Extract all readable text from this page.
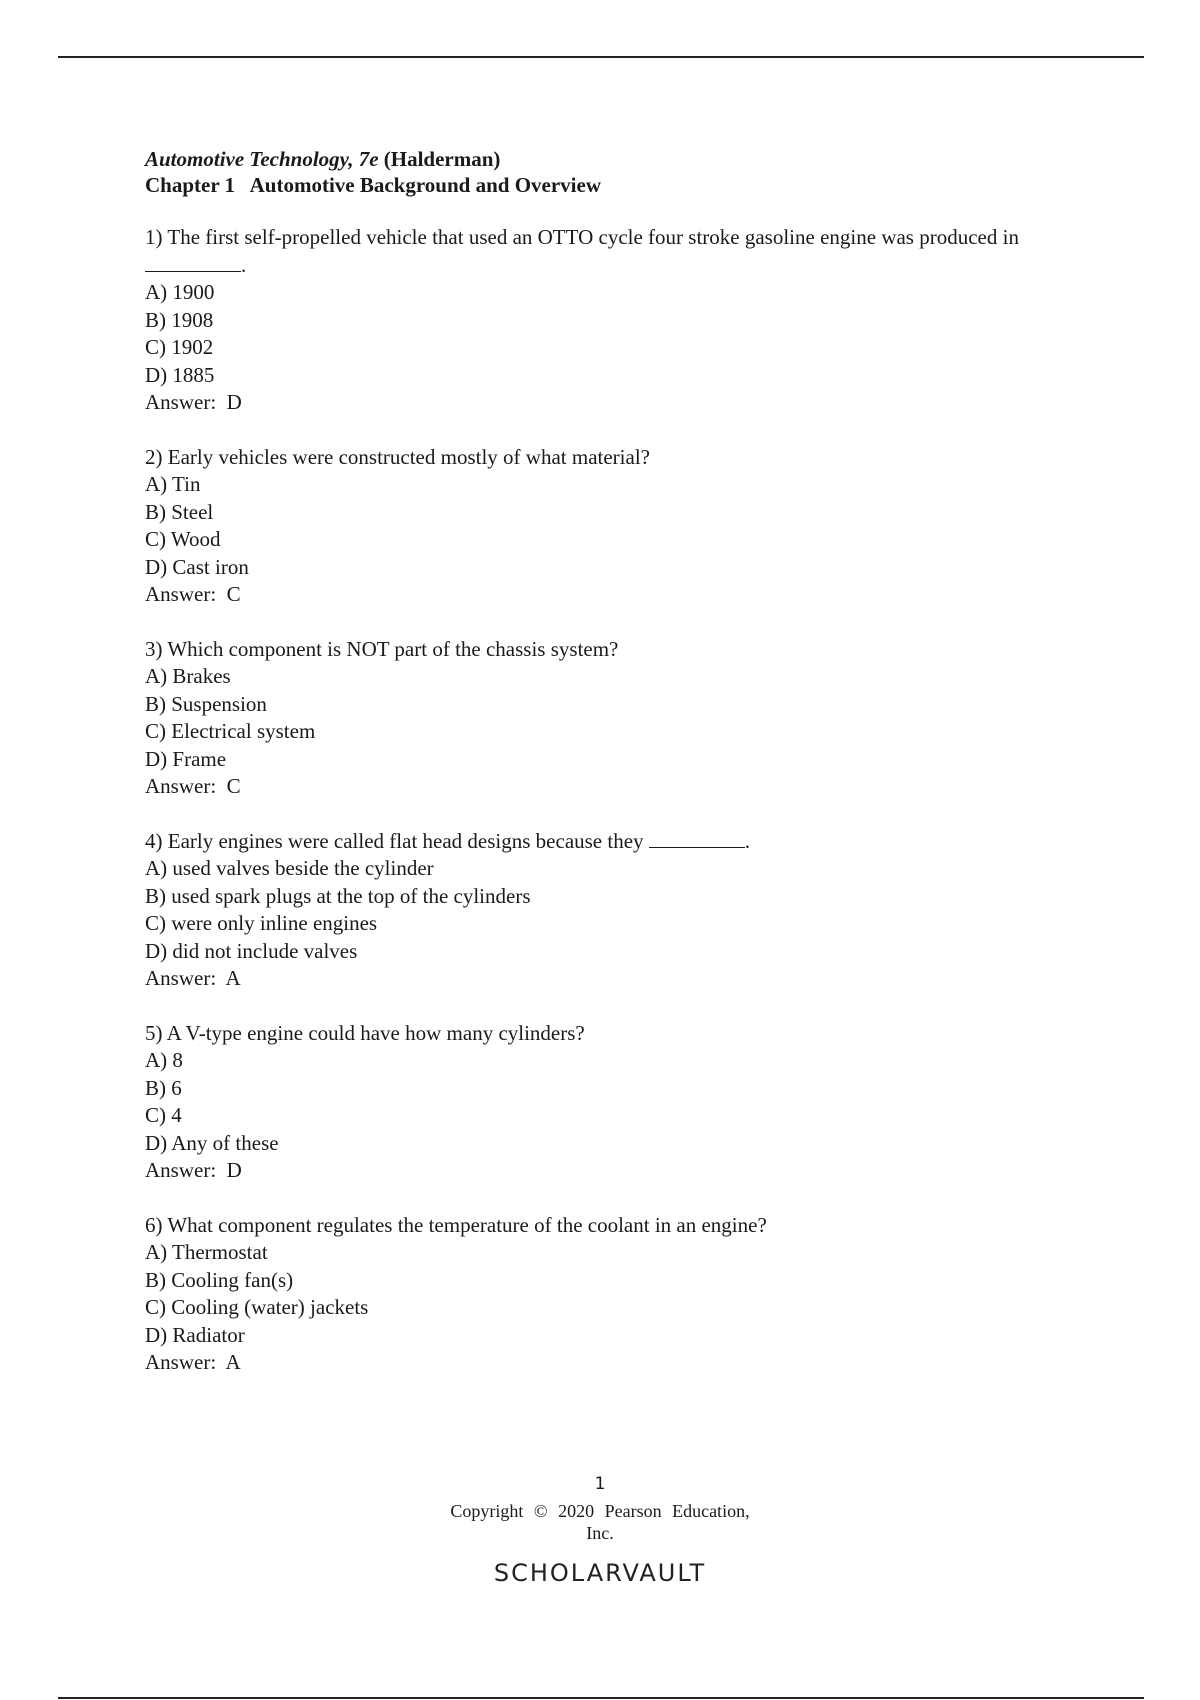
Automotive Technology, 7e (Halderman)
Chapter 1   Automotive Background and Overview
1) The first self-propelled vehicle that used an OTTO cycle four stroke gasoline engine was produced in .
A) 1900
B) 1908
C) 1902
D) 1885
Answer:  D
2) Early vehicles were constructed mostly of what material?
A) Tin
B) Steel
C) Wood
D) Cast iron
Answer:  C
3) Which component is NOT part of the chassis system?
A) Brakes
B) Suspension
C) Electrical system
D) Frame
Answer:  C
4) Early engines were called flat head designs because they	.
A) used valves beside the cylinder
B) used spark plugs at the top of the cylinders
C) were only inline engines
D) did not include valves
Answer:  A
5) A V-type engine could have how many cylinders?
A) 8
B) 6
C) 4
D) Any of these
Answer:  D
6) What component regulates the temperature of the coolant in an engine?
A) Thermostat
B) Cooling fan(s)
C) Cooling (water) jackets
D) Radiator
Answer:  A
1
Copyright © 2020 Pearson Education,
Inc.
SCHOLARVAULT
